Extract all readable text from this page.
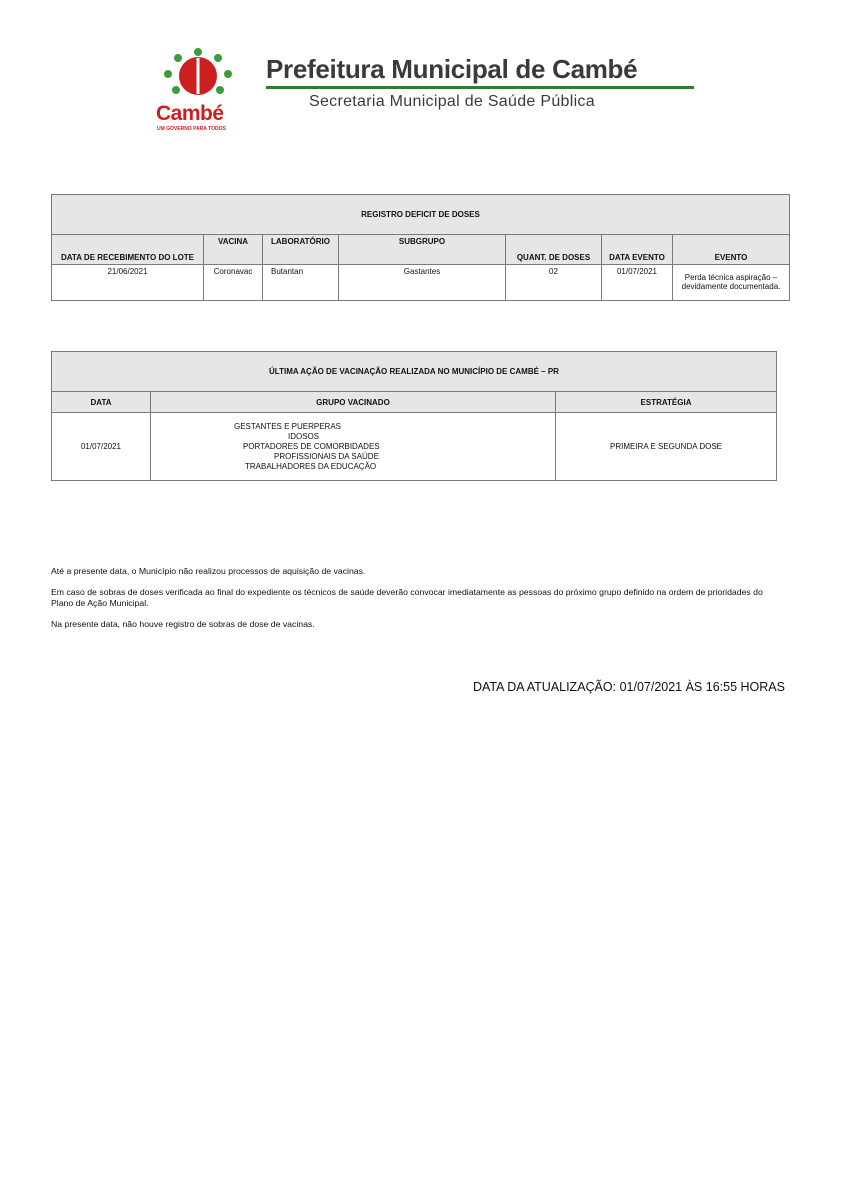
Cambé
UM GOVERNO PARA TODOS
Prefeitura Municipal de Cambé
Secretaria Municipal de Saúde Pública
REGISTRO DEFICIT DE DOSES						
DATA DE RECEBIMENTO DO LOTE	VACINA	LABORATÓRIO	SUBGRUPO	QUANT. DE DOSES	DATA EVENTO	EVENTO
21/06/2021	Coronavac	Butantan	Gastantes	02	01/07/2021	Perda técnica aspiração – devidamente documentada.
ÚLTIMA AÇÃO DE VACINAÇÃO REALIZADA NO MUNICÍPIO DE CAMBÉ – PR		
DATA	GRUPO VACINADO	ESTRATÉGIA
01/07/2021	GESTANTES E PUERPERAS
IDOSOS
PORTADORES DE COMORBIDADES
PROFISSIONAIS DA SAÚDE
TRABALHADORES DA EDUCAÇÃO	PRIMEIRA E SEGUNDA DOSE

Até a presente data, o Município não realizou processos de aquisição de vacinas.

Em caso de sobras de doses verificada ao final do expediente os técnicos de saúde deverão convocar imediatamente as pessoas do próximo grupo definido na ordem de prioridades do Plano de Ação Municipal.

Na presente data, não houve registro de sobras de dose de vacinas.

DATA DA ATUALIZAÇÃO: 01/07/2021 ÀS 16:55 HORAS
